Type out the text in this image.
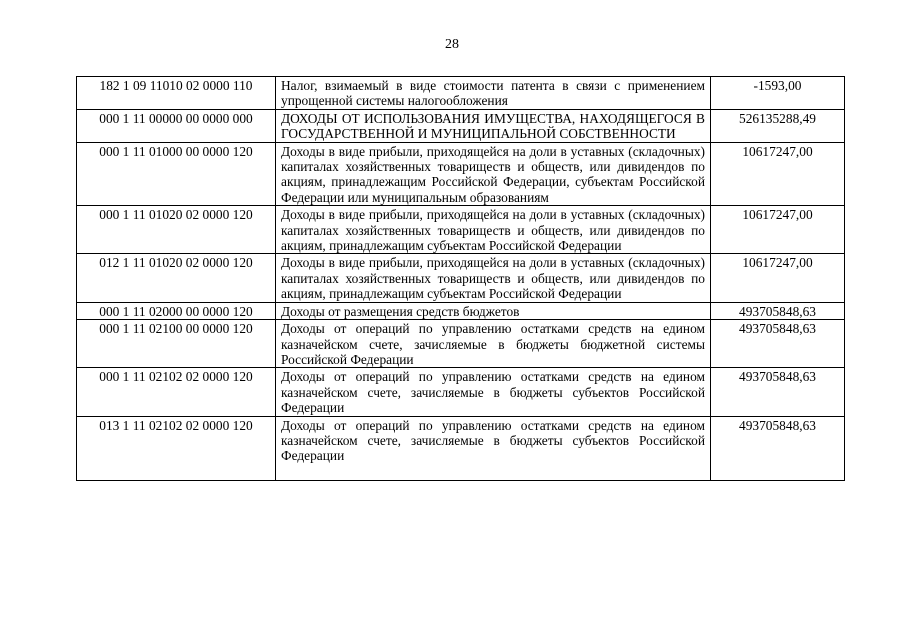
28
182 1 09 11010 02 0000 110	Налог, взимаемый в виде стоимости патента в связи с применением упрощенной системы налогообложения	-1593,00
000 1 11 00000 00 0000 000	ДОХОДЫ ОТ ИСПОЛЬЗОВАНИЯ ИМУЩЕСТВА, НАХОДЯЩЕГОСЯ В ГОСУДАРСТВЕННОЙ И МУНИЦИПАЛЬНОЙ СОБСТВЕННОСТИ	526135288,49
000 1 11 01000 00 0000 120	Доходы в виде прибыли, приходящейся на доли в уставных (складочных) капиталах хозяйственных товариществ и обществ, или дивидендов по акциям, принадлежащим Российской Федерации, субъектам Российской Федерации или муниципальным образованиям	10617247,00
000 1 11 01020 02 0000 120	Доходы в виде прибыли, приходящейся на доли в уставных (складочных) капиталах хозяйственных товариществ и обществ, или дивидендов по акциям, принадлежащим субъектам Российской Федерации	10617247,00
012 1 11 01020 02 0000 120	Доходы в виде прибыли, приходящейся на доли в уставных (складочных) капиталах хозяйственных товариществ и обществ, или дивидендов по акциям, принадлежащим субъектам Российской Федерации	10617247,00
000 1 11 02000 00 0000 120	Доходы от размещения средств бюджетов	493705848,63
000 1 11 02100 00 0000 120	Доходы от операций по управлению остатками средств на едином казначейском счете, зачисляемые в бюджеты бюджетной системы Российской Федерации	493705848,63
000 1 11 02102 02 0000 120	Доходы от операций по управлению остатками средств на едином казначейском счете, зачисляемые в бюджеты субъектов Российской Федерации	493705848,63
013 1 11 02102 02 0000 120	Доходы от операций по управлению остатками средств на едином казначейском счете, зачисляемые в бюджеты субъектов Российской Федерации	493705848,63
